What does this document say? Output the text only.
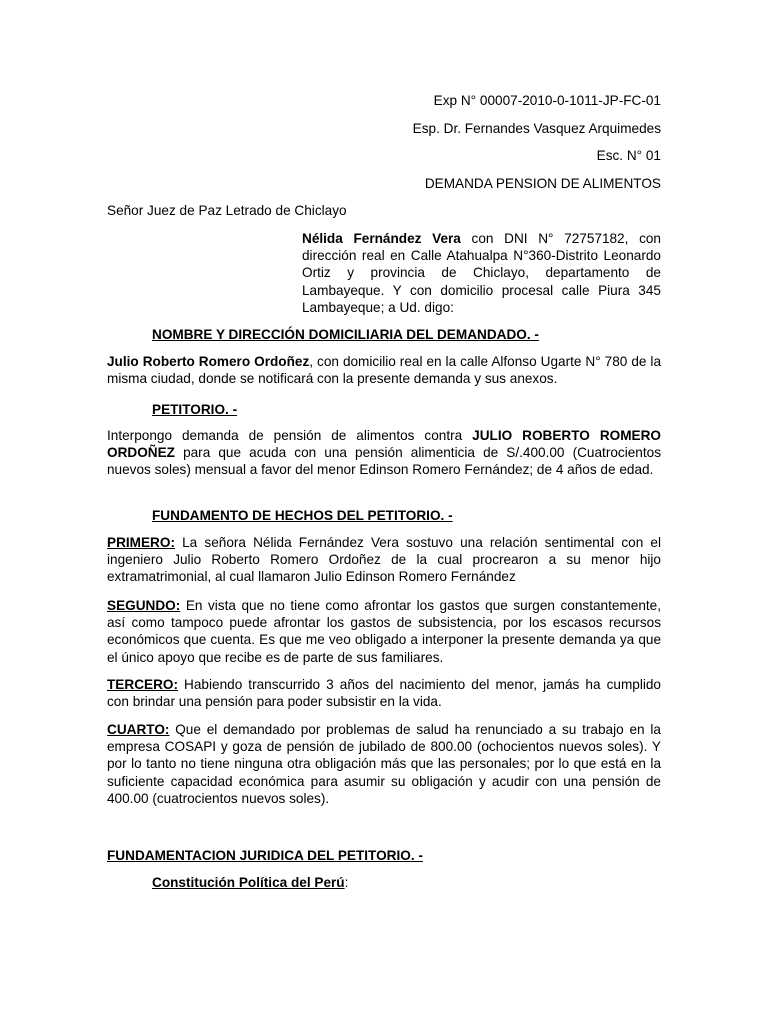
Exp N° 00007-2010-0-1011-JP-FC-01
Esp. Dr. Fernandes Vasquez Arquimedes
Esc. N° 01
DEMANDA PENSION DE ALIMENTOS
Señor Juez de Paz Letrado de Chiclayo
Nélida Fernández Vera con DNI N° 72757182, con dirección real en Calle Atahualpa N°360-Distrito Leonardo Ortiz y provincia de Chiclayo, departamento de Lambayeque. Y con domicilio procesal calle Piura 345 Lambayeque; a Ud. digo:
NOMBRE Y DIRECCIÓN DOMICILIARIA DEL DEMANDADO. -
Julio Roberto Romero Ordoñez, con domicilio real en la calle Alfonso Ugarte N° 780 de la misma ciudad, donde se notificará con la presente demanda y sus anexos.
PETITORIO. -
Interpongo demanda de pensión de alimentos contra JULIO ROBERTO ROMERO ORDOÑEZ para que acuda con una pensión alimenticia de S/.400.00 (Cuatrocientos nuevos soles) mensual a favor del menor Edinson Romero Fernández; de 4 años de edad.
FUNDAMENTO DE HECHOS DEL PETITORIO. -
PRIMERO: La señora Nélida Fernández Vera sostuvo una relación sentimental con el ingeniero Julio Roberto Romero Ordoñez de la cual procrearon a su menor hijo extramatrimonial, al cual llamaron Julio Edinson Romero Fernández
SEGUNDO: En vista que no tiene como afrontar los gastos que surgen constantemente, así como tampoco puede afrontar los gastos de subsistencia, por los escasos recursos económicos que cuenta. Es que me veo obligado a interponer la presente demanda ya que el único apoyo que recibe es de parte de sus familiares.
TERCERO: Habiendo transcurrido 3 años del nacimiento del menor, jamás ha cumplido con brindar una pensión para poder subsistir en la vida.
CUARTO: Que el demandado por problemas de salud ha renunciado a su trabajo en la empresa COSAPI y goza de pensión de jubilado de 800.00 (ochocientos nuevos soles). Y por lo tanto no tiene ninguna otra obligación más que las personales; por lo que está en la suficiente capacidad económica para asumir su obligación y acudir con una pensión de 400.00 (cuatrocientos nuevos soles).
FUNDAMENTACION JURIDICA DEL PETITORIO. -
Constitución Política del Perú:
